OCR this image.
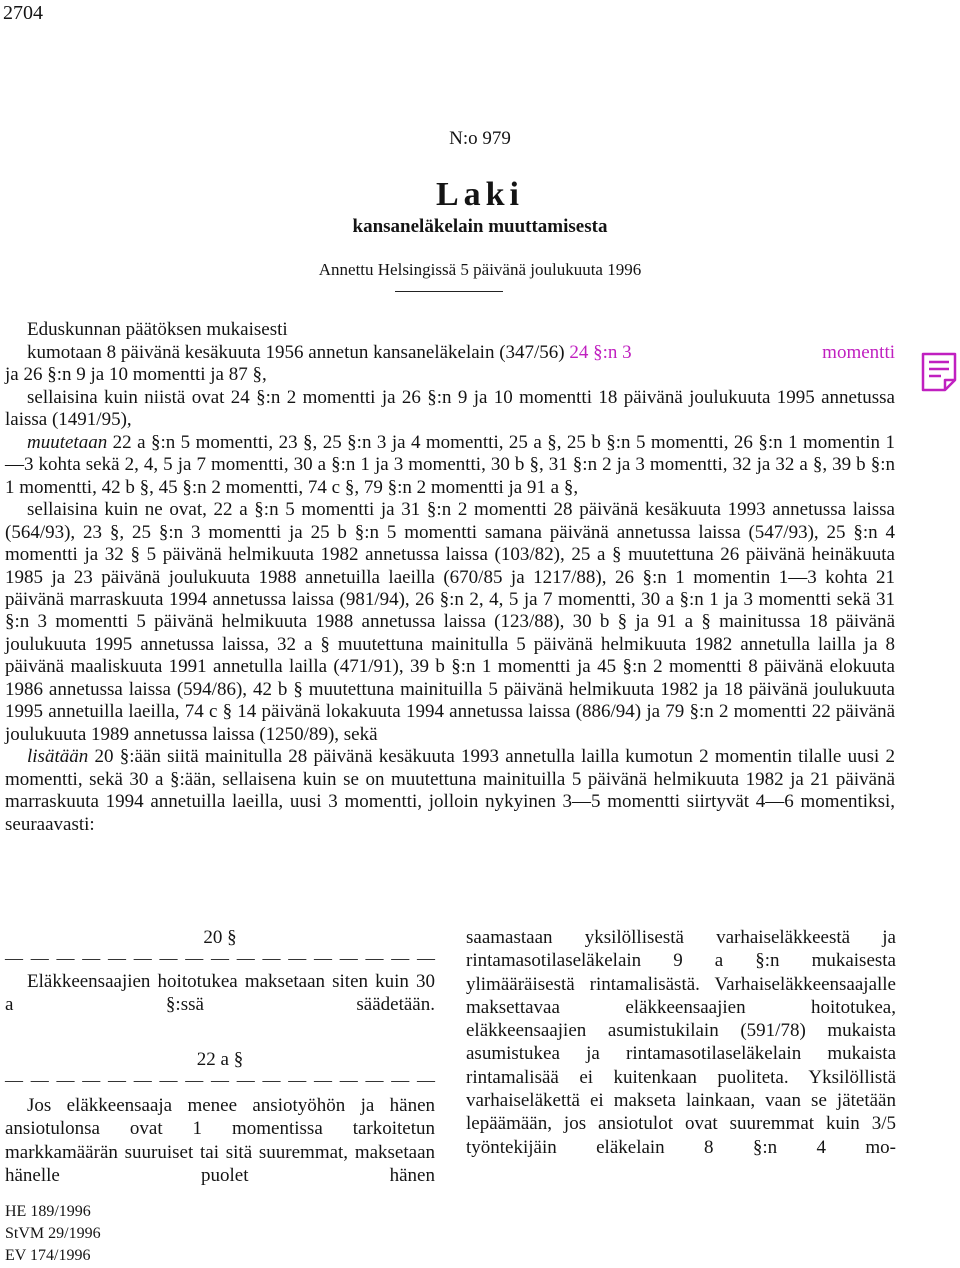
2704
N:o 979
Laki
kansaneläkelain muuttamisesta
Annettu Helsingissä 5 päivänä joulukuuta 1996
Eduskunnan päätöksen mukaisesti

kumotaan 8 päivänä kesäkuuta 1956 annetun kansaneläkelain (347/56) 24 §:n 3	momentti

ja 26 §:n 9 ja 10 momentti ja 87 §,

sellaisina kuin niistä ovat 24 §:n 2 momentti ja 26 §:n 9 ja 10 momentti 18 päivänä joulukuuta 1995 annetussa laissa (1491/95),

muutetaan 22 a §:n 5 momentti, 23 §, 25 §:n 3 ja 4 momentti, 25 a §, 25 b §:n 5 momentti, 26 §:n 1 momentin 1—3 kohta sekä 2, 4, 5 ja 7 momentti, 30 a §:n 1 ja 3 momentti, 30 b §, 31 §:n 2 ja 3 momentti, 32 ja 32 a §, 39 b §:n 1 momentti, 42 b §, 45 §:n 2 momentti, 74 c §, 79 §:n 2 momentti ja 91 a §,

sellaisina kuin ne ovat, 22 a §:n 5 momentti ja 31 §:n 2 momentti 28 päivänä kesäkuuta 1993 annetussa laissa (564/93), 23 §, 25 §:n 3 momentti ja 25 b §:n 5 momentti samana päivänä annetussa laissa (547/93), 25 §:n 4 momentti ja 32 § 5 päivänä helmikuuta 1982 annetussa laissa (103/82), 25 a § muutettuna 26 päivänä heinäkuuta 1985 ja 23 päivänä joulukuuta 1988 annetuilla laeilla (670/85 ja 1217/88), 26 §:n 1 momentin 1—3 kohta 21 päivänä marraskuuta 1994 annetussa laissa (981/94), 26 §:n 2, 4, 5 ja 7 momentti, 30 a §:n 1 ja 3 momentti sekä 31 §:n 3 momentti 5 päivänä helmikuuta 1988 annetussa laissa (123/88), 30 b § ja 91 a § mainitussa 18 päivänä joulukuuta 1995 annetussa laissa, 32 a § muutettuna mainitulla 5 päivänä helmikuuta 1982 annetulla lailla ja 8 päivänä maaliskuuta 1991 annetulla lailla (471/91), 39 b §:n 1 momentti ja 45 §:n 2 momentti 8 päivänä elokuuta 1986 annetussa laissa (594/86), 42 b § muutettuna mainituilla 5 päivänä helmikuuta 1982 ja 18 päivänä joulukuuta 1995 annetuilla laeilla, 74 c § 14 päivänä lokakuuta 1994 annetussa laissa (886/94) ja 79 §:n 2 momentti 22 päivänä joulukuuta 1989 annetussa laissa (1250/89), sekä

lisätään 20 §:ään siitä mainitulla 28 päivänä kesäkuuta 1993 annetulla lailla kumotun 2 momentin tilalle uusi 2 momentti, sekä 30 a §:ään, sellaisena kuin se on muutettuna mainituilla 5 päivänä helmikuuta 1982 ja 21 päivänä marraskuuta 1994 annetuilla laeilla, uusi 3 momentti, jolloin nykyinen 3—5 momentti siirtyvät 4—6 momentiksi, seuraavasti:

20 §
— — — — — — — — — — — — — — — — —
Eläkkeensaajien hoitotukea maksetaan siten kuin 30 a §:ssä säädetään.
22 a §
— — — — — — — — — — — — — — — — —
Jos eläkkeensaaja menee ansiotyöhön ja hänen ansiotulonsa ovat 1 momentissa tarkoitetun markkamäärän suuruiset tai sitä suuremmat, maksetaan hänelle puolet hänen
saamastaan yksilöllisestä varhaiseläkkeestä ja rintamasotilaseläkelain 9 a §:n mukaisesta ylimääräisestä rintamalisästä. Varhaiseläkkeensaajalle maksettavaa eläkkeensaajien hoitotukea, eläkkeensaajien asumistukilain (591/78) mukaista asumistukea ja rintamasotilaseläkelain mukaista rintamalisää ei kuitenkaan puoliteta. Yksilöllistä varhaiseläkettä ei makseta lainkaan, vaan se jätetään lepäämään, jos ansiotulot ovat suuremmat kuin 3/5 työntekijäin eläkelain 8 §:n 4 mo-
HE 189/1996
StVM 29/1996
EV 174/1996
